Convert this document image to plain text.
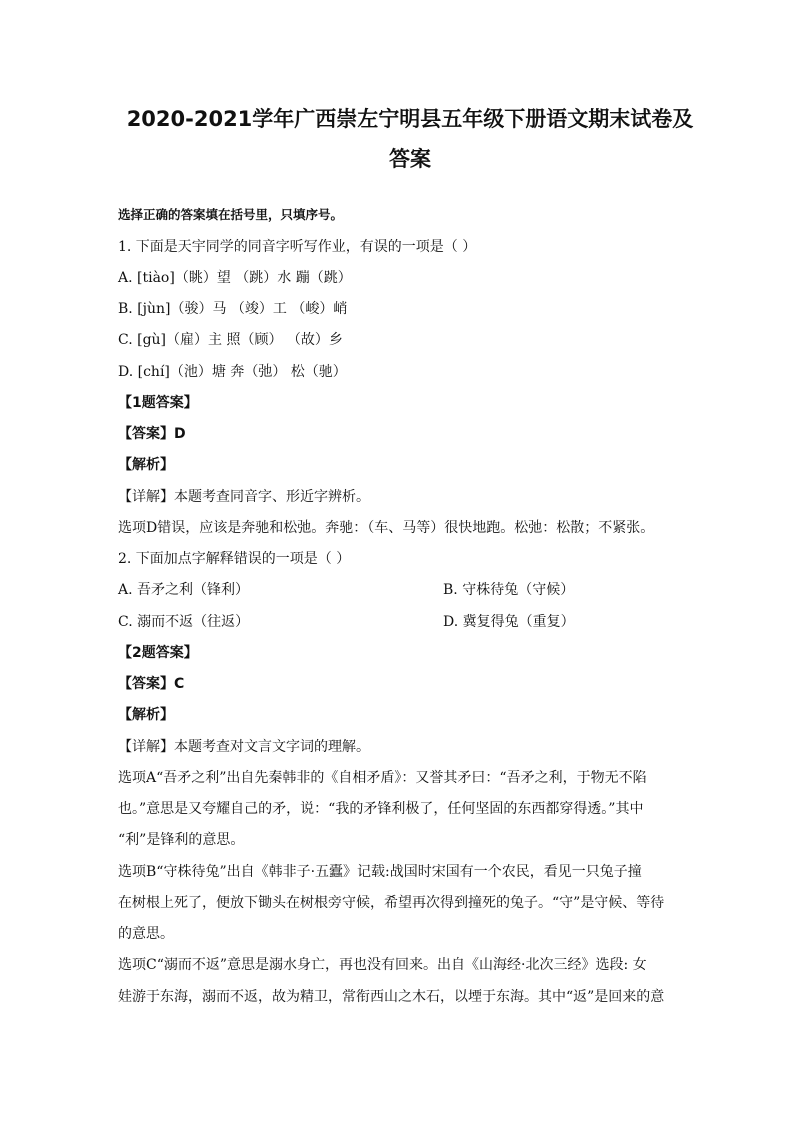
2020-2021学年广西崇左宁明县五年级下册语文期末试卷及
答案
选择正确的答案填在括号里，只填序号。
1. 下面是天宇同学的同音字听写作业，有误的一项是（ ）
A. [tiào]（眺）望 （跳）水 蹦（跳）
B. [jùn]（骏）马 （竣）工 （峻）峭
C. [gù]（雇）主 照（顾） （故）乡
D. [chí]（池）塘 奔（弛） 松（驰）
【1题答案】
【答案】D
【解析】
【详解】本题考查同音字、形近字辨析。
选项D错误，应该是奔驰和松弛。奔驰：（车、马等）很快地跑。松弛：松散；不紧张。
2. 下面加点字解释错误的一项是（ ）
A. 吾矛之利（锋利）	B. 守株待兔（守候）
C. 溺而不返（往返）	D. 冀复得兔（重复）
【2题答案】
【答案】C
【解析】
【详解】本题考查对文言文字词的理解。
选项A“吾矛之利”出自先秦韩非的《自相矛盾》：又誉其矛曰：“吾矛之利，于物无不陷
也。”意思是又夸耀自己的矛，说：“我的矛锋利极了，任何坚固的东西都穿得透。”其中
“利”是锋利的意思。
选项B“守株待兔”出自《韩非子·五蠹》记载:战国时宋国有一个农民，看见一只兔子撞
在树根上死了，便放下锄头在树根旁守候，希望再次得到撞死的兔子。“守”是守候、等待
的意思。
选项C“溺而不返”意思是溺水身亡，再也没有回来。出自《山海经·北次三经》选段: 女
娃游于东海，溺而不返，故为精卫，常衔西山之木石，以堙于东海。其中“返”是回来的意
